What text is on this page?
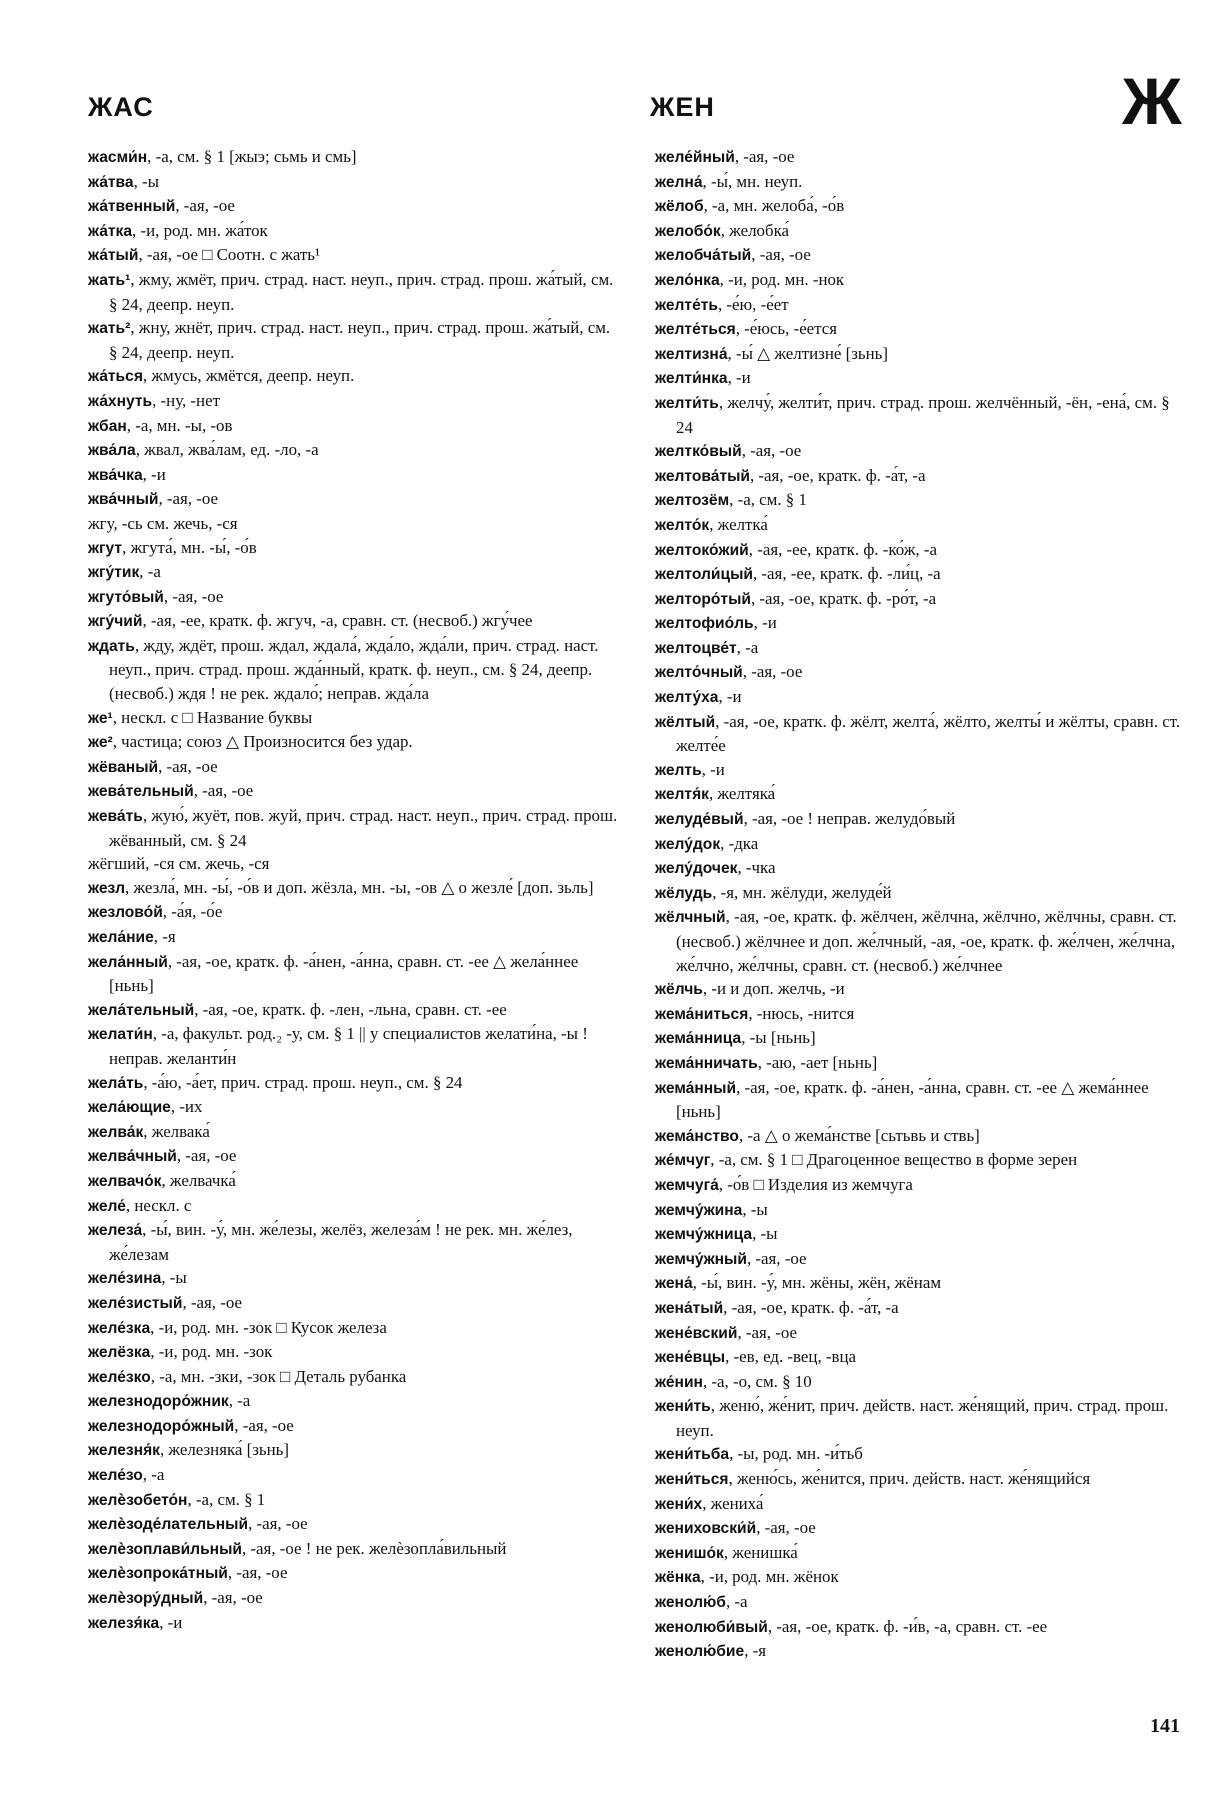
ЖАС	ЖЕН	Ж
жасми́н, -а, см. § 1 [жыэ; сьмь и смь]
жа́тва, -ы
жа́твенный, -ая, -ое
жа́тка, -и, род. мн. жа́ток
жа́тый, -ая, -ое □ Соотн. с жать¹
жать¹, жму, жмёт, прич. страд. наст. неуп., прич. страд. прош. жа́тый, см. § 24, деепр. неуп.
жать², жну, жнёт, прич. страд. наст. неуп., прич. страд. прош. жа́тый, см. § 24, деепр. неуп.
жа́ться, жмусь, жмётся, деепр. неуп.
жа́хнуть, -ну, -нет
жбан, -а, мн. -ы, -ов
жва́ла, жвал, жва́лам, ед. -ло, -а
жва́чка, -и
жва́чный, -ая, -ое
жгу, -сь см. жечь, -ся
жгут, жгута́, мн. -ы́, -о́в
жгу́тик, -а
жгуто́вый, -ая, -ое
жгу́чий, -ая, -ее, кратк. ф. жгуч, -а, сравн. ст. (несвоб.) жгу́чее
ждать, жду, ждёт, прош. ждал, ждала́, жда́ло, жда́ли, прич. страд. наст. неуп., прич. страд. прош. жда́нный, кратк. ф. неуп., см. § 24, деепр. (несвоб.) ждя ! не рек. ждало́; неправ. жда́ла
же¹, нескл. с □ Название буквы
же², частица; союз △ Произносится без удар.
жёваный, -ая, -ое
жева́тельный, -ая, -ое
жева́ть, жую́, жуёт, пов. жуй, прич. страд. наст. неуп., прич. страд. прош. жёванный, см. § 24
жёгший, -ся см. жечь, -ся
жезл, жезла́, мн. -ы́, -о́в и доп. жёзла, мн. -ы, -ов △ о жезле́ [доп. зьль]
жезлово́й, -а́я, -о́е
жела́ние, -я
жела́нный, -ая, -ое, кратк. ф. -а́нен, -а́нна, сравн. ст. -ее △ жела́ннее [ньнь]
жела́тельный, -ая, -ое, кратк. ф. -лен, -льна, сравн. ст. -ее
желати́н, -а, факульт. род.₂ -у, см. § 1 || у специалистов желати́на, -ы ! неправ. желанти́н
жела́ть, -а́ю, -а́ет, прич. страд. прош. неуп., см. § 24
жела́ющие, -их
желва́к, желвака́
желва́чный, -ая, -ое
желвачо́к, желвачка́
желе́, нескл. с
железа́, -ы́, вин. -у́, мн. же́лезы, желёз, железа́м ! не рек. мн. же́лез, же́лезам
желе́зина, -ы
желе́зистый, -ая, -ое
желе́зка, -и, род. мн. -зок □ Кусок железа
желёзка, -и, род. мн. -зок
желе́зко, -а, мн. -зки, -зок □ Деталь рубанка
железнодоро́жник, -а
железнодоро́жный, -ая, -ое
железня́к, железняка́ [зьнь]
желе́зо, -а
желѐзобето́н, -а, см. § 1
желѐзоде́лательный, -ая, -ое
желѐзоплави́льный, -ая, -ое ! не рек. желѐзопла́вильный
желѐзопрока́тный, -ая, -ое
желѐзору́дный, -ая, -ое
железя́ка, -и
желе́йный, -ая, -ое
желна́, -ы́, мн. неуп.
жёлоб, -а, мн. желоба́, -о́в
желобо́к, желобка́
желобча́тый, -ая, -ое
жело́нка, -и, род. мн. -нок
желте́ть, -е́ю, -е́ет
желте́ться, -е́юсь, -е́ется
желтизна́, -ы́ △ желтизне́ [зьнь]
желти́нка, -и
желти́ть, желчу́, желти́т, прич. страд. прош. желчённый, -ён, -ена́, см. § 24
желтко́вый, -ая, -ое
желтова́тый, -ая, -ое, кратк. ф. -а́т, -а
желтозём, -а, см. § 1
желто́к, желтка́
желтоко́жий, -ая, -ее, кратк. ф. -ко́ж, -а
желтоли́цый, -ая, -ее, кратк. ф. -ли́ц, -а
желторо́тый, -ая, -ое, кратк. ф. -ро́т, -а
желтофио́ль, -и
желтоцве́т, -а
желто́чный, -ая, -ое
желту́ха, -и
жёлтый, -ая, -ое, кратк. ф. жёлт, желта́, жёлто, желты́ и жёлты, сравн. ст. желте́е
желть, -и
желтя́к, желтяка́
желуде́вый, -ая, -ое ! неправ. желудо́вый
желу́док, -дка
желу́дочек, -чка
жёлудь, -я, мн. жёлуди, желуде́й
жёлчный, -ая, -ое, кратк. ф. жёлчен, жёлчна, жёлчно, жёлчны, сравн. ст. (несвоб.) жёлчнее и доп. же́лчный, -ая, -ое, кратк. ф. же́лчен, же́лчна, же́лчно, же́лчны, сравн. ст. (несвоб.) же́лчнее
жёлчь, -и и доп. желчь, -и
жема́ниться, -нюсь, -нится
жема́нница, -ы [ньнь]
жема́нничать, -аю, -ает [ньнь]
жема́нный, -ая, -ое, кратк. ф. -а́нен, -а́нна, сравн. ст. -ее △ жема́ннее [ньнь]
жема́нство, -а △ о жема́нстве [сьтьвь и ствь]
же́мчуг, -а, см. § 1 □ Драгоценное вещество в форме зерен
жемчуга́, -о́в □ Изделия из жемчуга
жемчу́жина, -ы
жемчу́жница, -ы
жемчу́жный, -ая, -ое
жена́, -ы́, вин. -у́, мн. жёны, жён, жёнам
жена́тый, -ая, -ое, кратк. ф. -а́т, -а
жене́вский, -ая, -ое
жене́вцы, -ев, ед. -вец, -вца
же́нин, -а, -о, см. § 10
жени́ть, женю́, же́нит, прич. действ. наст. же́нящий, прич. страд. прош. неуп.
жени́тьба, -ы, род. мн. -и́тьб
жени́ться, женю́сь, же́нится, прич. действ. наст. же́нящийся
жени́х, жениха́
жениховски́й, -ая, -ое
женишо́к, женишка́
жёнка, -и, род. мн. жёнок
женолю́б, -а
женолюби́вый, -ая, -ое, кратк. ф. -и́в, -а, сравн. ст. -ее
женолю́бие, -я
141
